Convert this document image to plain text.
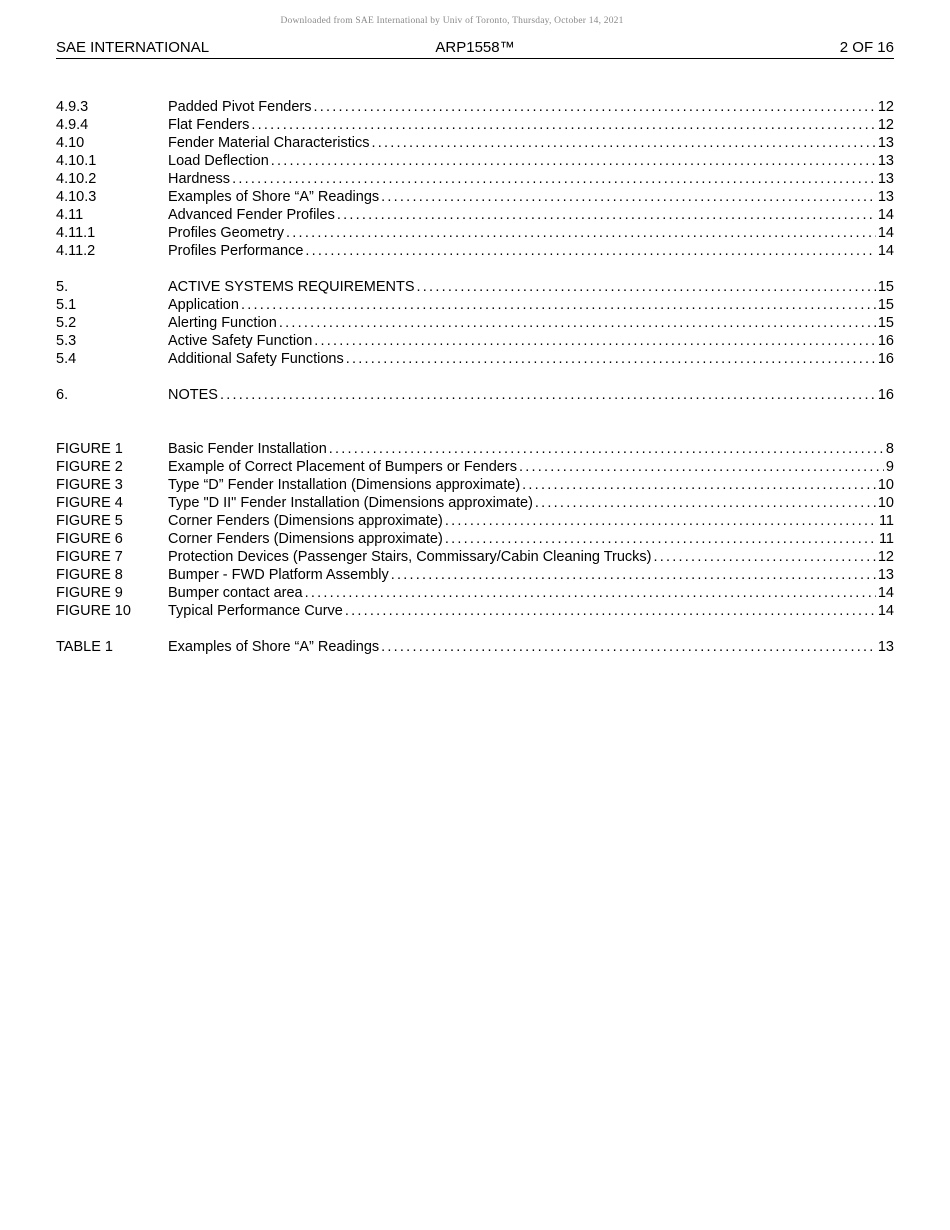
Downloaded from SAE International by Univ of Toronto, Thursday, October 14, 2021
SAE INTERNATIONAL	ARP1558™	2 OF 16
4.9.3	Padded Pivot Fenders . . .	12
4.9.4	Flat Fenders . . .	12
4.10	Fender Material Characteristics . . .	13
4.10.1	Load Deflection . . .	13
4.10.2	Hardness . . .	13
4.10.3	Examples of Shore “A” Readings . . .	13
4.11	Advanced Fender Profiles . . .	14
4.11.1	Profiles Geometry . . .	14
4.11.2	Profiles Performance . . .	14
5.	ACTIVE SYSTEMS REQUIREMENTS . . .	15
5.1	Application . . .	15
5.2	Alerting Function . . .	15
5.3	Active Safety Function . . .	16
5.4	Additional Safety Functions . . .	16
6.	NOTES . . .	16
FIGURE 1	Basic Fender Installation . . .	8
FIGURE 2	Example of Correct Placement of Bumpers or Fenders . . .	9
FIGURE 3	Type “D” Fender Installation (Dimensions approximate) . . .	10
FIGURE 4	Type "D II" Fender Installation (Dimensions approximate) . . .	10
FIGURE 5	Corner Fenders (Dimensions approximate) . . .	11
FIGURE 6	Corner Fenders (Dimensions approximate) . . .	11
FIGURE 7	Protection Devices (Passenger Stairs, Commissary/Cabin Cleaning Trucks) . . .	12
FIGURE 8	Bumper - FWD Platform Assembly . . .	13
FIGURE 9	Bumper contact area . . .	14
FIGURE 10	Typical Performance Curve . . .	14
TABLE 1	Examples of Shore “A” Readings . . .	13
